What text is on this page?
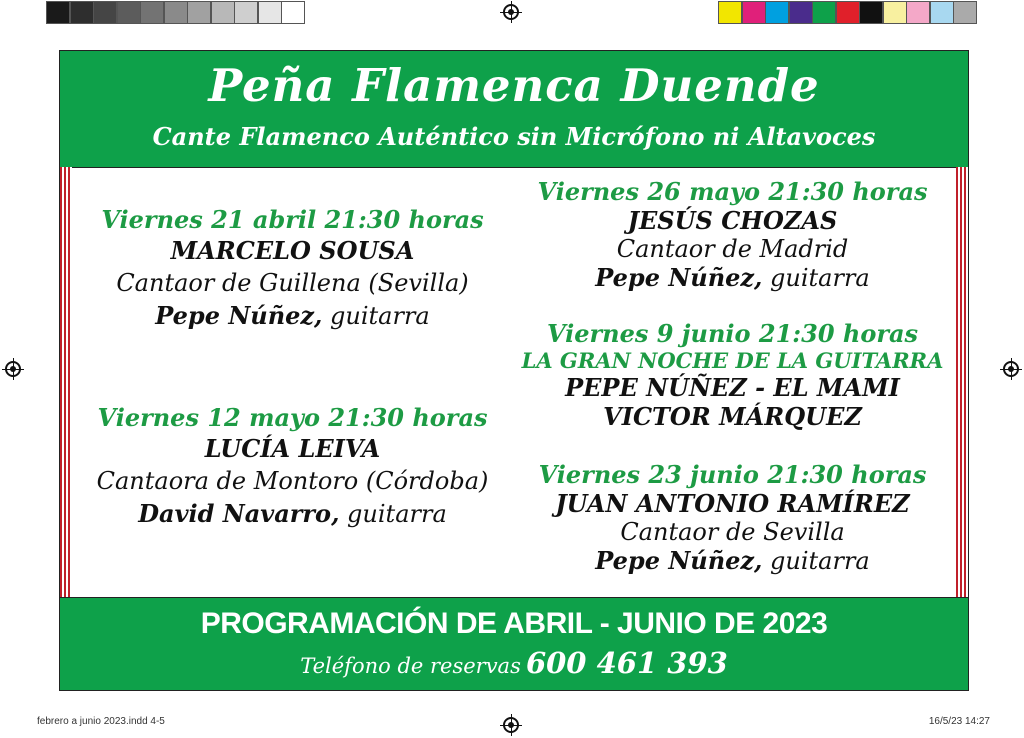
Peña Flamenca Duende
Cante Flamenco Auténtico sin Micrófono ni Altavoces
Viernes 21 abril 21:30 horas
MARCELO SOUSA
Cantaor de Guillena (Sevilla)
Pepe Núñez, guitarra
Viernes 12 mayo 21:30 horas
LUCÍA LEIVA
Cantaora de Montoro (Córdoba)
David Navarro, guitarra
Viernes 26 mayo 21:30 horas
JESÚS CHOZAS
Cantaor de Madrid
Pepe Núñez, guitarra
Viernes 9 junio 21:30 horas
LA GRAN NOCHE DE LA GUITARRA
PEPE NÚÑEZ - EL MAMI
VICTOR MÁRQUEZ
Viernes 23 junio 21:30 horas
JUAN ANTONIO RAMÍREZ
Cantaor de Sevilla
Pepe Núñez, guitarra
PROGRAMACIÓN DE ABRIL - JUNIO DE 2023
Teléfono de reservas 600 461 393
febrero a junio 2023.indd 4-5	16/5/23 14:27
